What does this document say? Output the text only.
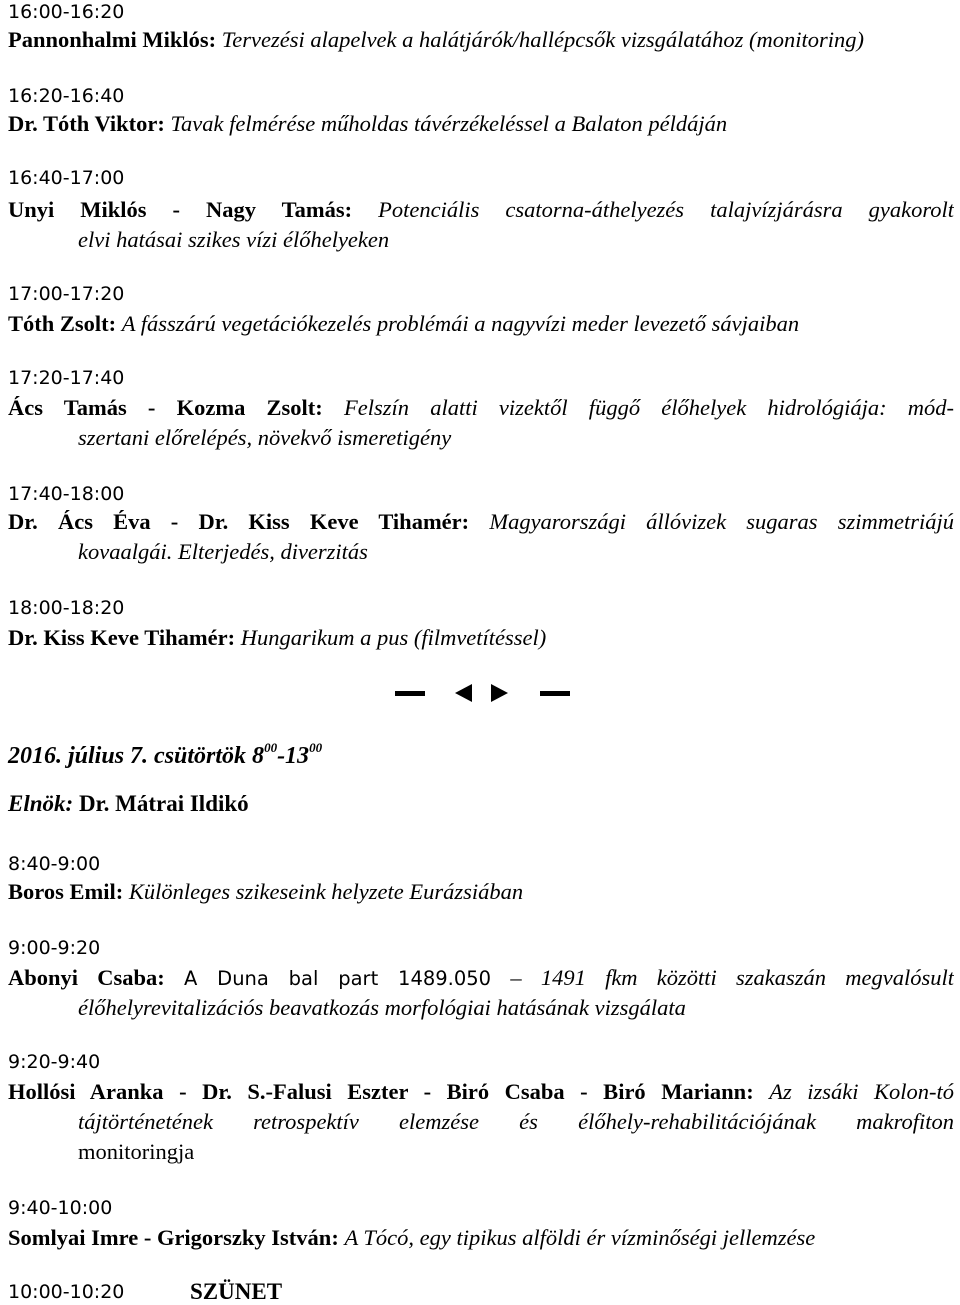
16:00-16:20
Pannonhalmi Miklós: Tervezési alapelvek a halátjárók/hallépcsők vizsgálatához (monitoring)
16:20-16:40
Dr. Tóth Viktor: Tavak felmérése műholdas távérzékeléssel a Balaton példáján
16:40-17:00
Unyi Miklós - Nagy Tamás: Potenciális csatorna-áthelyezés talajvízjárásra gyakorolt
elvi hatásai szikes vízi élőhelyeken
17:00-17:20
Tóth Zsolt: A fásszárú vegetációkezelés problémái a nagyvízi meder levezető sávjaiban
17:20-17:40
Ács Tamás - Kozma Zsolt: Felszín alatti vizektől függő élőhelyek hidrológiája: mód-
szertani előrelépés, növekvő ismeretigény
17:40-18:00
Dr. Ács Éva - Dr. Kiss Keve Tihamér: Magyarországi állóvizek sugaras szimmetriájú
kovaalgái. Elterjedés, diverzitás
18:00-18:20
Dr. Kiss Keve Tihamér: Hungarikum a pus (filmvetítéssel)
2016. július 7. csütörtök $8^{00}-13^{00}$
Elnök: Dr. Mátrai Ildikó
8:40-9:00
Boros Emil: Különleges szikeseink helyzete Eurázsiában
9:00-9:20
Abonyi Csaba: A Duna bal part 1489.050 – 1491 fkm közötti szakaszán megvalósult
élőhelyrevitalizációs beavatkozás morfológiai hatásának vizsgálata
9:20-9:40
Hollósi Aranka - Dr. S.-Falusi Eszter - Biró Csaba - Biró Mariann: Az izsáki Kolon-tó
tájtörténetének retrospektív elemzése és élőhely-rehabilitációjának makrofiton
monitoringja
9:40-10:00
Somlyai Imre - Grigorszky István: A Tócó, egy tipikus alföldi ér vízminőségi jellemzése
10:00-10:20	SZÜNET
